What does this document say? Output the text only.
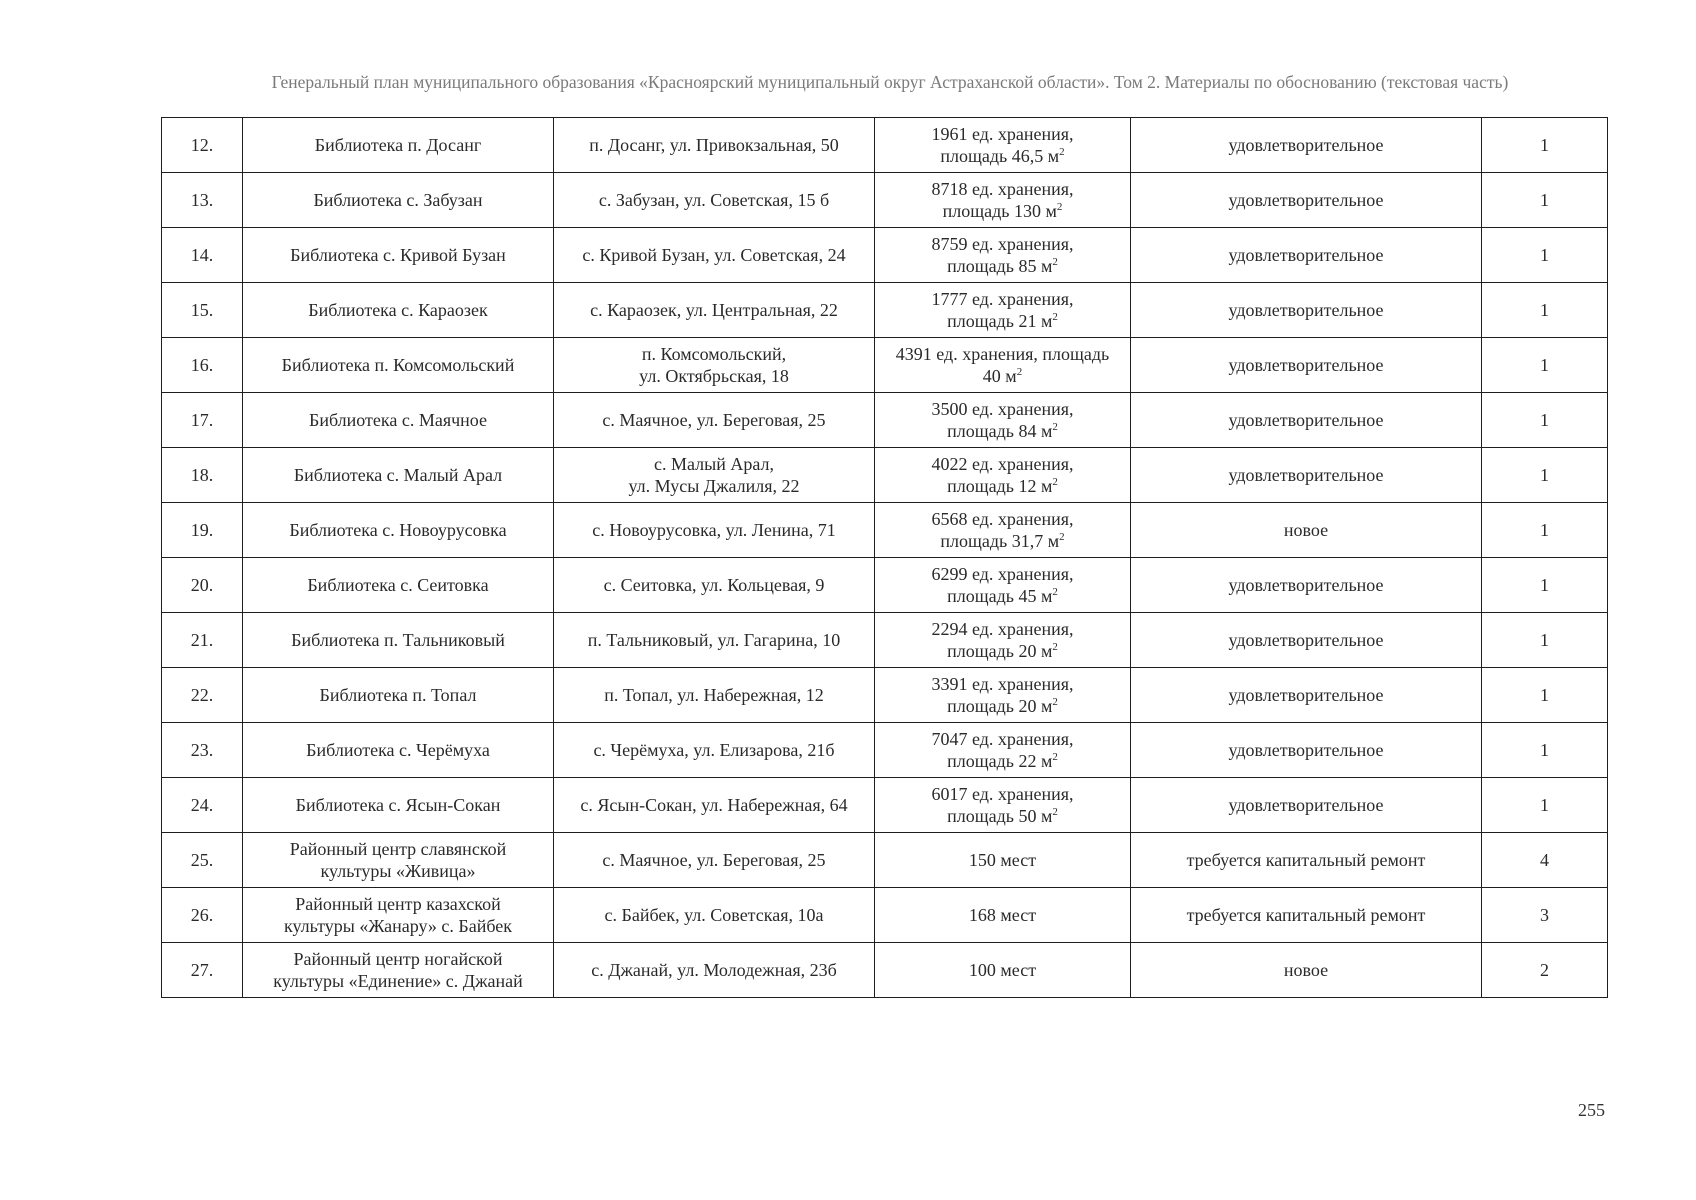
Генеральный план муниципального образования «Красноярский муниципальный округ Астраханской области». Том 2. Материалы по обоснованию (текстовая часть)
12.	Библиотека п. Досанг	п. Досанг, ул. Привокзальная, 50	1961 ед. хранения,
площадь 46,5 $м^2$	удовлетворительное	1
13.	Библиотека с. Забузан	с. Забузан, ул. Советская, 15 б	8718 ед. хранения,
площадь 130 $м^2$	удовлетворительное	1
14.	Библиотека с. Кривой Бузан	с. Кривой Бузан, ул. Советская, 24	8759 ед. хранения,
площадь 85 $м^2$	удовлетворительное	1
15.	Библиотека с. Караозек	с. Караозек, ул. Центральная, 22	1777 ед. хранения,
площадь 21 $м^2$	удовлетворительное	1
16.	Библиотека п. Комсомольский	п. Комсомольский,
ул. Октябрьская, 18	4391 ед. хранения, площадь
40 $м^2$	удовлетворительное	1
17.	Библиотека с. Маячное	с. Маячное, ул. Береговая, 25	3500 ед. хранения,
площадь 84 $м^2$	удовлетворительное	1
18.	Библиотека с. Малый Арал	с. Малый Арал,
ул. Мусы Джалиля, 22	4022 ед. хранения,
площадь 12 $м^2$	удовлетворительное	1
19.	Библиотека с. Новоурусовка	с. Новоурусовка, ул. Ленина, 71	6568 ед. хранения,
площадь 31,7 $м^2$	новое	1
20.	Библиотека с. Сеитовка	с. Сеитовка, ул. Кольцевая, 9	6299 ед. хранения,
площадь 45 $м^2$	удовлетворительное	1
21.	Библиотека п. Тальниковый	п. Тальниковый, ул. Гагарина, 10	2294 ед. хранения,
площадь 20 $м^2$	удовлетворительное	1
22.	Библиотека п. Топал	п. Топал, ул. Набережная, 12	3391 ед. хранения,
площадь 20 $м^2$	удовлетворительное	1
23.	Библиотека с. Черёмуха	с. Черёмуха, ул. Елизарова, 21б	7047 ед. хранения,
площадь 22 $м^2$	удовлетворительное	1
24.	Библиотека с. Ясын-Сокан	с. Ясын-Сокан, ул. Набережная, 64	6017 ед. хранения,
площадь 50 $м^2$	удовлетворительное	1
25.	Районный центр славянской
культуры «Живица»	с. Маячное, ул. Береговая, 25	150 мест	требуется капитальный ремонт	4
26.	Районный центр казахской
культуры «Жанару» с. Байбек	с. Байбек, ул. Советская, 10а	168 мест	требуется капитальный ремонт	3
27.	Районный центр ногайской
культуры «Единение» с. Джанай	с. Джанай, ул. Молодежная, 23б	100 мест	новое	2
255
